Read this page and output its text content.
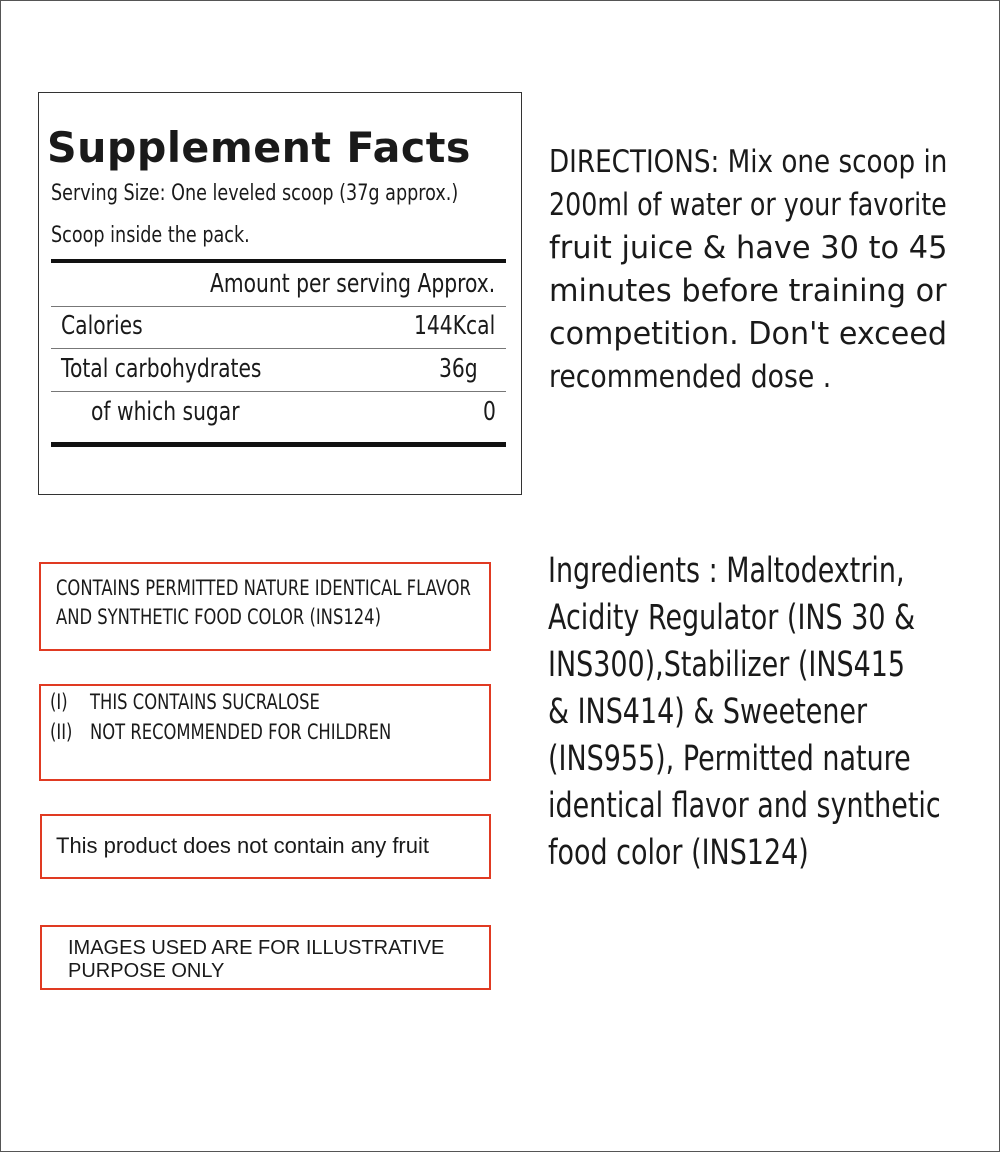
Supplement Facts
Serving Size: One leveled scoop (37g approx.)
Scoop inside the pack.
Amount per serving Approx.
Calories	144Kcal
Total carbohydrates	36g
of which sugar	0
DIRECTIONS: Mix one scoop in
200ml of water or your favorite
fruit juice & have 30 to 45
minutes before training or
competition. Don't exceed
recommended dose .
CONTAINS PERMITTED NATURE IDENTICAL FLAVOR
AND SYNTHETIC FOOD COLOR (INS124)
(I) THIS CONTAINS SUCRALOSE
(II) NOT RECOMMENDED FOR CHILDREN
This product does not contain any fruit
IMAGES USED ARE FOR ILLUSTRATIVE
PURPOSE ONLY
Ingredients : Maltodextrin,
Acidity Regulator (INS 30 &
INS300),Stabilizer (INS415
& INS414) & Sweetener
(INS955), Permitted nature
identical flavor and synthetic
food color (INS124)
